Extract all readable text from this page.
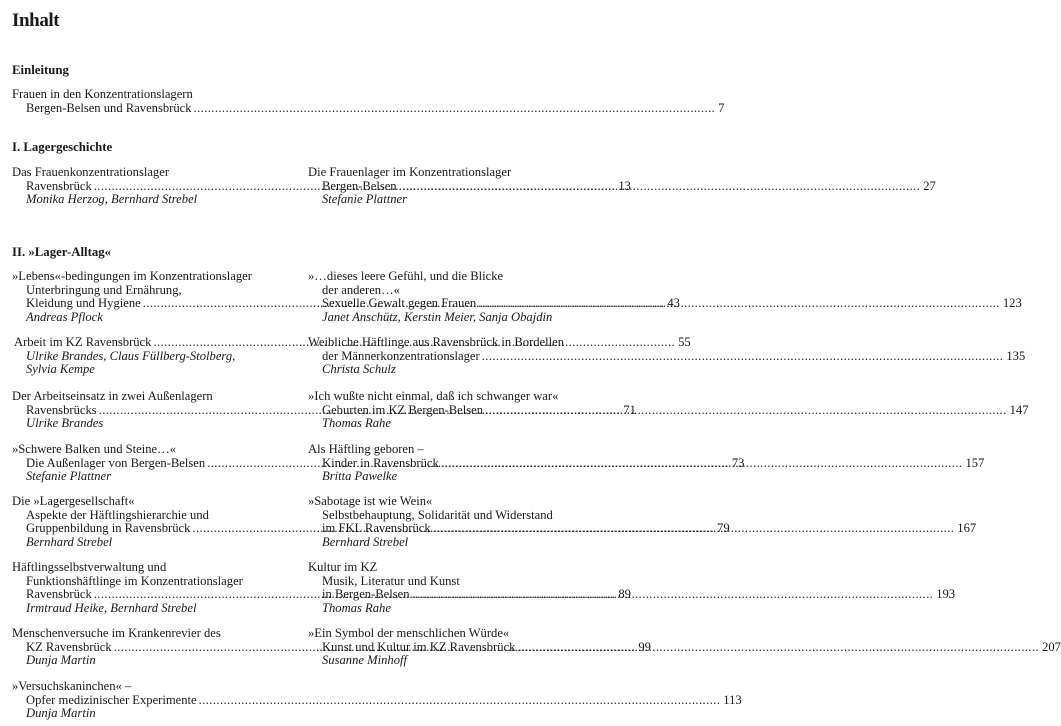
Inhalt
Einleitung
Frauen in den Konzentrationslagern
Bergen-Belsen und Ravensbrück .....	7
I. Lagergeschichte
Das Frauenkonzentrationslager
Ravensbrück .....	13
Monika Herzog, Bernhard Strebel
Die Frauenlager im Konzentrationslager
Bergen-Belsen .....	27
Stefanie Plattner
II. »Lager-Alltag«
»Lebens«-bedingungen im Konzentrationslager
Unterbringung und Ernährung,
Kleidung und Hygiene .....	43
Andreas Pflock
Arbeit im KZ Ravensbrück .....	55
Ulrike Brandes, Claus Füllberg-Stolberg,
Sylvia Kempe
Der Arbeitseinsatz in zwei Außenlagern
Ravensbrücks .....	71
Ulrike Brandes
»Schwere Balken und Steine…«
Die Außenlager von Bergen-Belsen .....	73
Stefanie Plattner
Die »Lagergesellschaft«
Aspekte der Häftlingshierarchie und
Gruppenbildung in Ravensbrück .....	79
Bernhard Strebel
Häftlingsselbstverwaltung und
Funktionshäftlinge im Konzentrationslager
Ravensbrück .....	89
Irmtraud Heike, Bernhard Strebel
Menschenversuche im Krankenrevier des
KZ Ravensbrück .....	99
Dunja Martin
»Versuchskaninchen« –
Opfer medizinischer Experimente .....	113
Dunja Martin
»…dieses leere Gefühl, und die Blicke
der anderen…«
Sexuelle Gewalt gegen Frauen .....	123
Janet Anschütz, Kerstin Meier, Sanja Obajdin
Weibliche Häftlinge aus Ravensbrück in Bordellen
der Männerkonzentrationslager .....	135
Christa Schulz
»Ich wußte nicht einmal, daß ich schwanger war«
Geburten im KZ Bergen-Belsen .....	147
Thomas Rahe
Als Häftling geboren –
Kinder in Ravensbrück .....	157
Britta Pawelke
»Sabotage ist wie Wein«
Selbstbehauptung, Solidarität und Widerstand
im FKL Ravensbrück .....	167
Bernhard Strebel
Kultur im KZ
Musik, Literatur und Kunst
in Bergen-Belsen .....	193
Thomas Rahe
»Ein Symbol der menschlichen Würde«
Kunst und Kultur im KZ Ravensbrück .....	207
Susanne Minhoff
